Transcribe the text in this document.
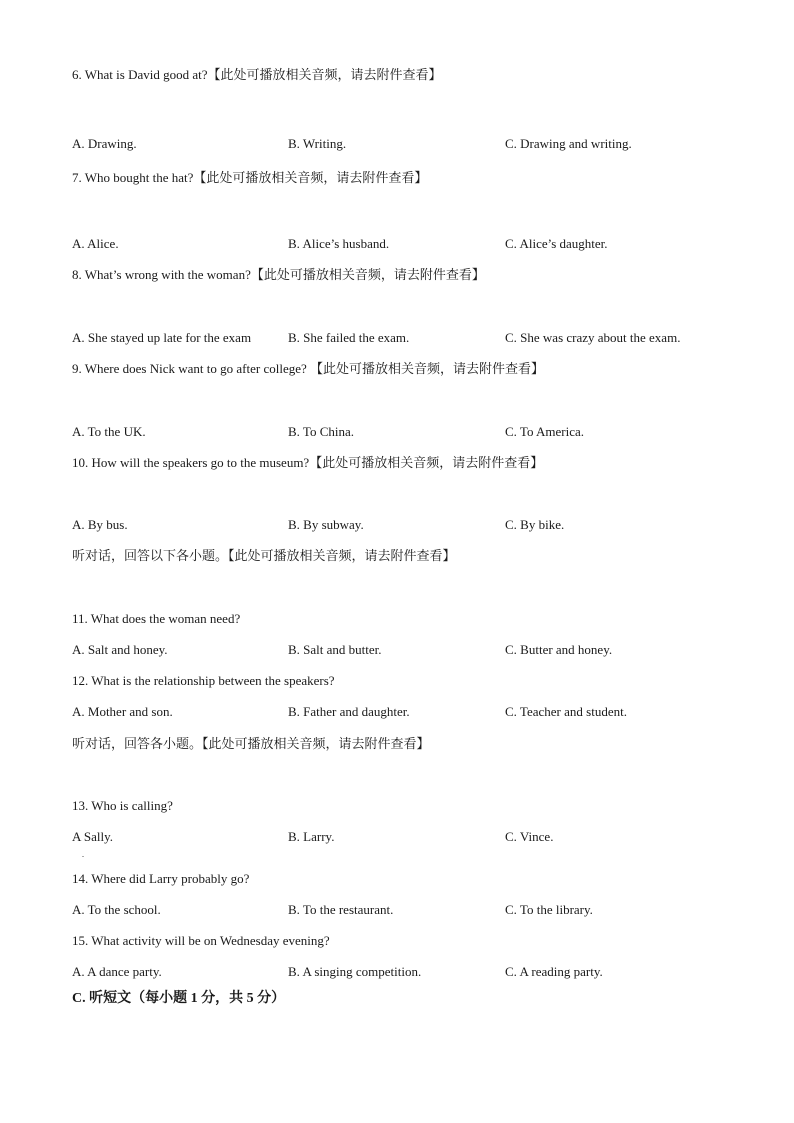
6. What is David good at?【此处可播放相关音频，请去附件查看】
A. Drawing.	B. Writing.	C. Drawing and writing.
7. Who bought the hat?【此处可播放相关音频，请去附件查看】
A. Alice.	B. Alice’s husband.	C. Alice’s daughter.
8. What’s wrong with the woman?【此处可播放相关音频，请去附件查看】
A. She stayed up late for the exam	B. She failed the exam.	C. She was crazy about the exam.
9. Where does Nick want to go after college? 【此处可播放相关音频，请去附件查看】
A. To the UK.	B. To China.	C. To America.
10. How will the speakers go to the museum?【此处可播放相关音频，请去附件查看】
A. By bus.	B. By subway.	C. By bike.
听对话，回答以下各小题。【此处可播放相关音频，请去附件查看】
11. What does the woman need?
A. Salt and honey.	B. Salt and butter.	C. Butter and honey.
12. What is the relationship between the speakers?
A. Mother and son.	B. Father and daughter.	C. Teacher and student.
听对话，回答各小题。【此处可播放相关音频，请去附件查看】
13. Who is calling?
A Sally.	B. Larry.	C. Vince.
.
14. Where did Larry probably go?
A. To the school.	B. To the restaurant.	C. To the library.
15. What activity will be on Wednesday evening?
A. A dance party.	B. A singing competition.	C. A reading party.
C. 听短文（每小题 1 分，共 5 分）
